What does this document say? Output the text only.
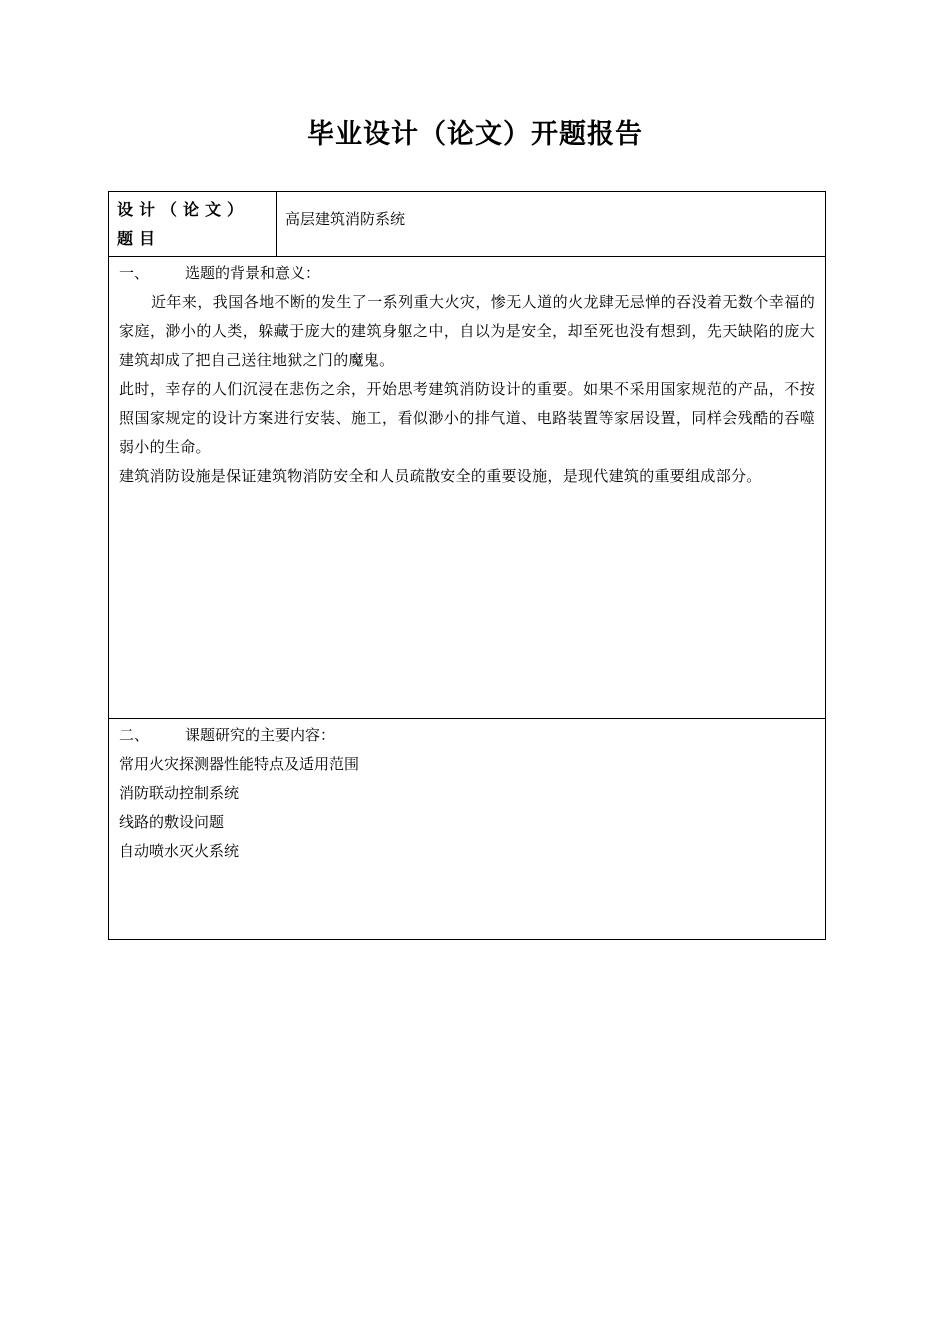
毕业设计（论文）开题报告
设计（论文）题目
高层建筑消防系统
一、	选题的背景和意义：

近年来，我国各地不断的发生了一系列重大火灾，惨无人道的火龙肆无忌惮的吞没着无数个幸福的家庭，渺小的人类，躲藏于庞大的建筑身躯之中，自以为是安全，却至死也没有想到，先天缺陷的庞大建筑却成了把自己送往地狱之门的魔鬼。

此时，幸存的人们沉浸在悲伤之余，开始思考建筑消防设计的重要。如果不采用国家规范的产品，不按照国家规定的设计方案进行安装、施工，看似渺小的排气道、电路装置等家居设置，同样会残酷的吞噬弱小的生命。

建筑消防设施是保证建筑物消防安全和人员疏散安全的重要设施，是现代建筑的重要组成部分。

二、	课题研究的主要内容：

常用火灾探测器性能特点及适用范围

消防联动控制系统

线路的敷设问题

自动喷水灭火系统
